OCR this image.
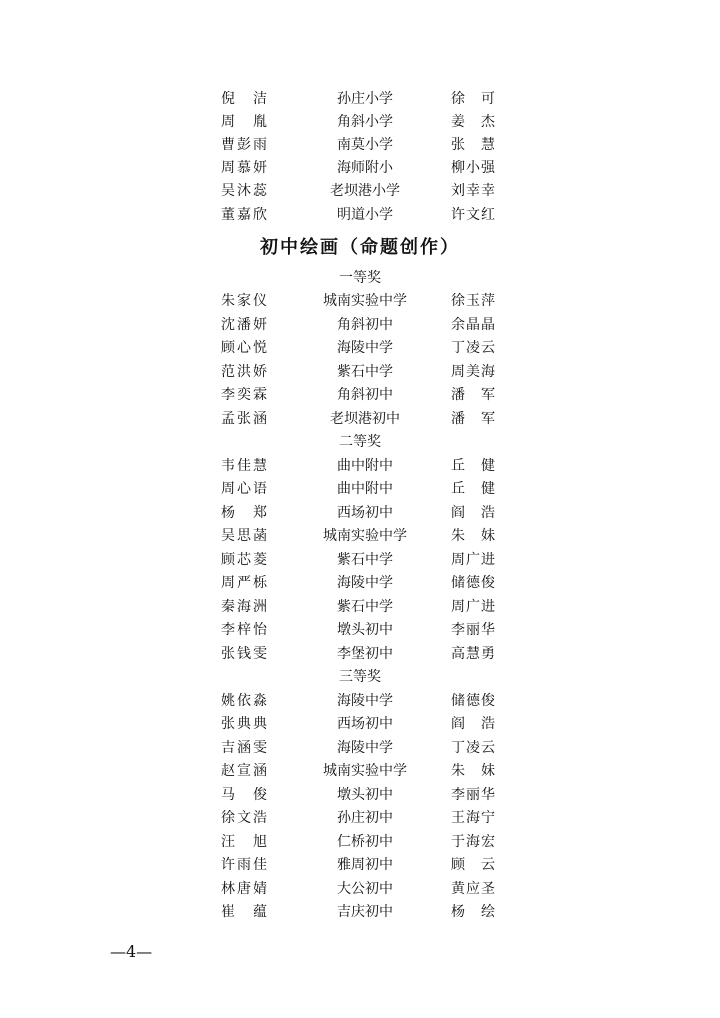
倪　洁	孙庄小学	徐　可
周　胤	角斜小学	姜　杰
曹彭雨	南莫小学	张　慧
周慕妍	海师附小	柳小强
吴沐蕊	老坝港小学	刘幸幸
董嘉欣	明道小学	许文红
初中绘画（命题创作）
一等奖
朱家仪	城南实验中学	徐玉萍
沈潘妍	角斜初中	余晶晶
顾心悦	海陵中学	丁凌云
范洪娇	紫石中学	周美海
李奕霖	角斜初中	潘　军
孟张涵	老坝港初中	潘　军
二等奖
韦佳慧	曲中附中	丘　健
周心语	曲中附中	丘　健
杨　郑	西场初中	阎　浩
吴思菡	城南实验中学	朱　妹
顾芯菱	紫石中学	周广进
周严栎	海陵中学	储德俊
秦海洲	紫石中学	周广进
李梓怡	墩头初中	李丽华
张钱雯	李堡初中	高慧勇
三等奖
姚依淼	海陵中学	储德俊
张典典	西场初中	阎　浩
吉涵雯	海陵中学	丁凌云
赵宣涵	城南实验中学	朱　妹
马　俊	墩头初中	李丽华
徐文浩	孙庄初中	王海宁
汪　旭	仁桥初中	于海宏
许雨佳	雅周初中	顾　云
林唐婧	大公初中	黄应圣
崔　蕴	吉庆初中	杨　绘
—4—
